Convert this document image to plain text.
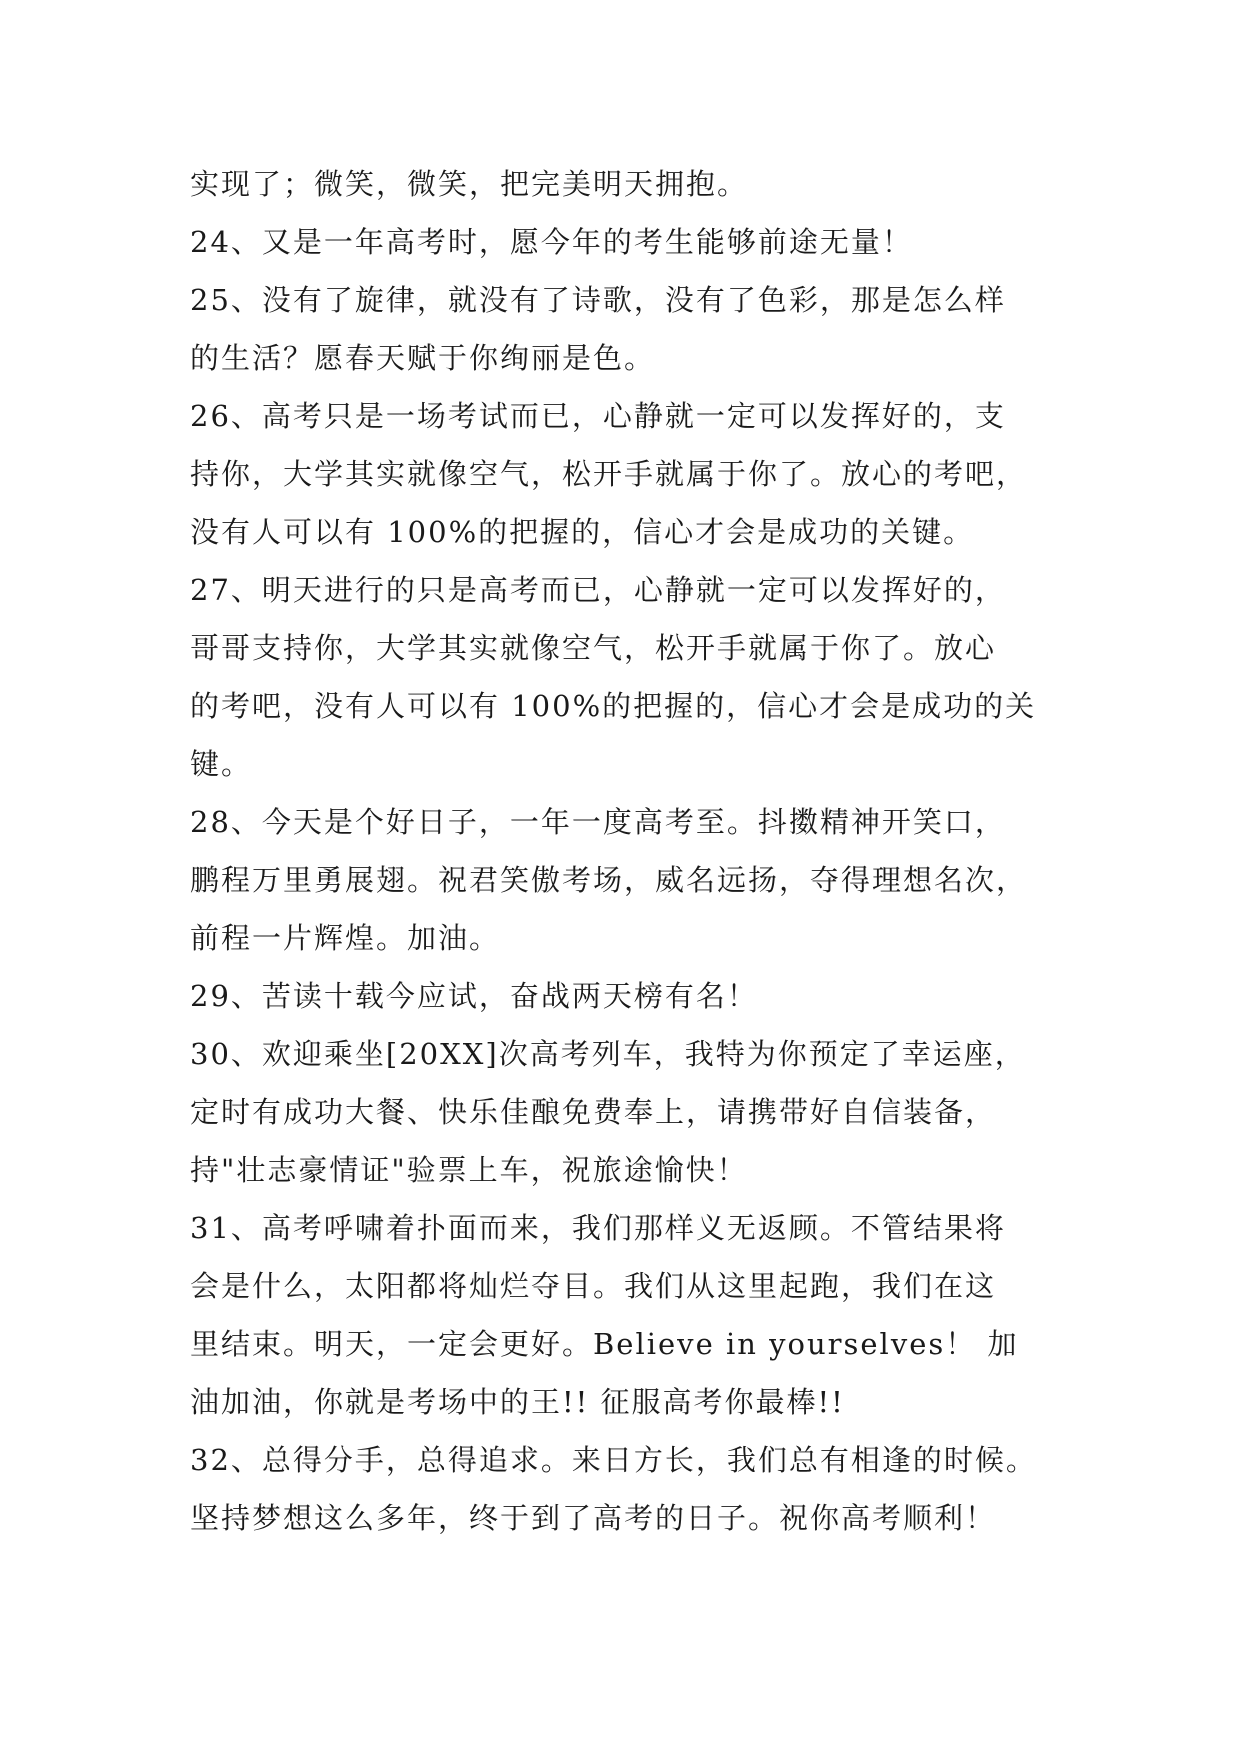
实现了；微笑，微笑，把完美明天拥抱。
24、又是一年高考时，愿今年的考生能够前途无量！
25、没有了旋律，就没有了诗歌，没有了色彩，那是怎么样
的生活？愿春天赋于你绚丽是色。
26、高考只是一场考试而已，心静就一定可以发挥好的，支
持你，大学其实就像空气，松开手就属于你了。放心的考吧，
没有人可以有 100%的把握的，信心才会是成功的关键。
27、明天进行的只是高考而已，心静就一定可以发挥好的，
哥哥支持你，大学其实就像空气，松开手就属于你了。放心
的考吧，没有人可以有 100%的把握的，信心才会是成功的关
键。
28、今天是个好日子，一年一度高考至。抖擞精神开笑口，
鹏程万里勇展翅。祝君笑傲考场，威名远扬，夺得理想名次，
前程一片辉煌。加油。
29、苦读十载今应试，奋战两天榜有名！
30、欢迎乘坐[20XX]次高考列车，我特为你预定了幸运座，
定时有成功大餐、快乐佳酿免费奉上，请携带好自信装备，
持"壮志豪情证"验票上车，祝旅途愉快！
31、高考呼啸着扑面而来，我们那样义无返顾。不管结果将
会是什么，太阳都将灿烂夺目。我们从这里起跑，我们在这
里结束。明天，一定会更好。Believe in yourselves！ 加
油加油，你就是考场中的王!! 征服高考你最棒!!
32、总得分手，总得追求。来日方长，我们总有相逢的时候。
坚持梦想这么多年，终于到了高考的日子。祝你高考顺利！
